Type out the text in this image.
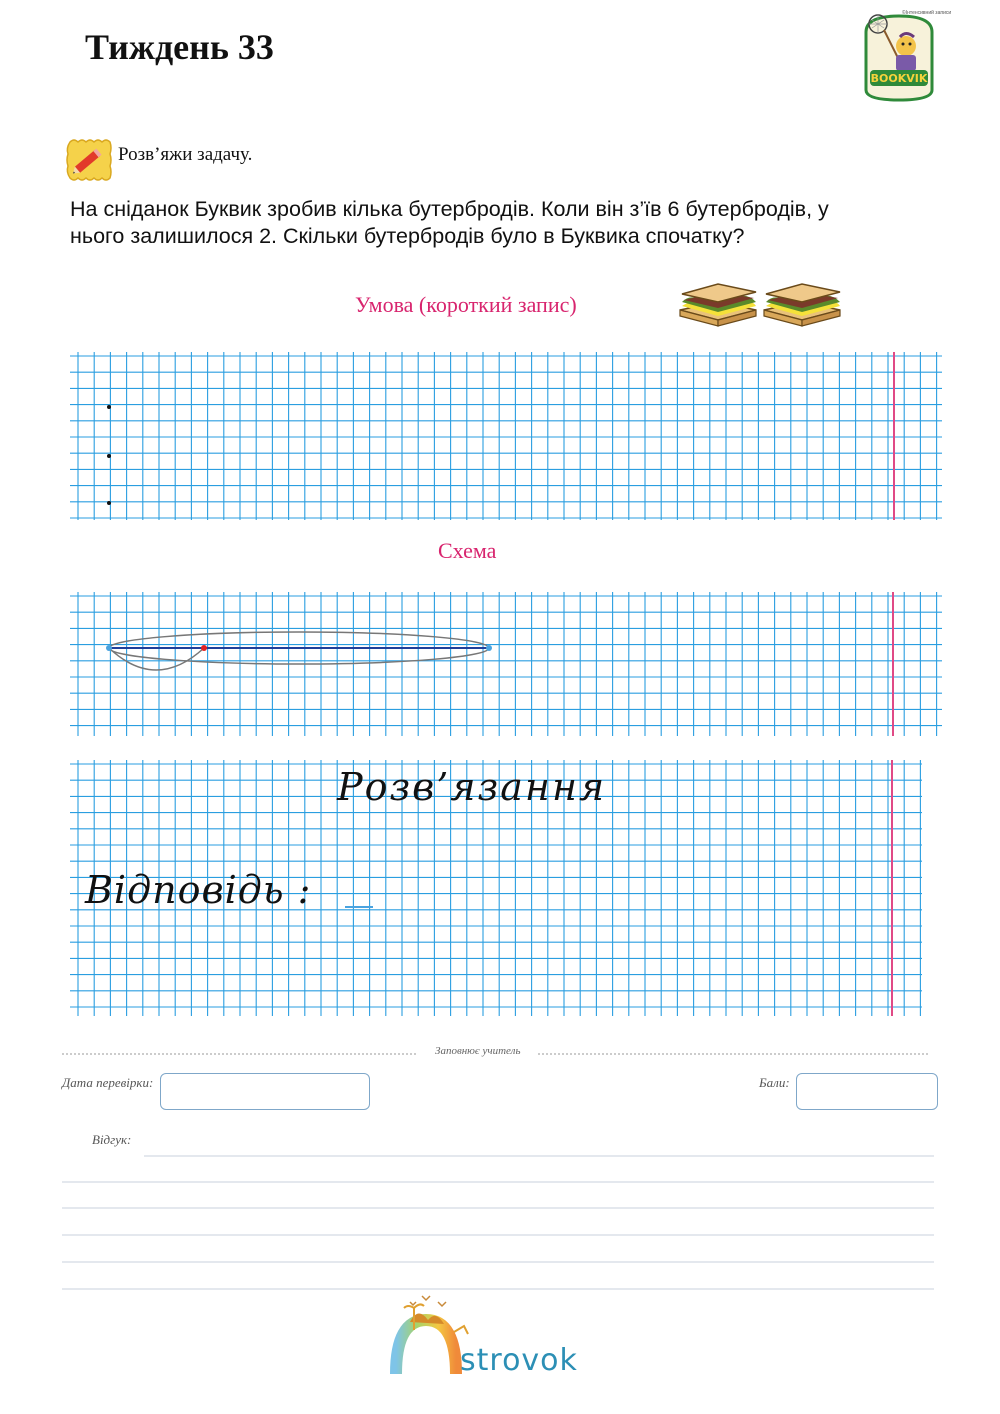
Тиждень 33
BOOKVIK
©Інтенсивний записи
Розв’яжи задачу.
На сніданок Буквик зробив кілька бутербродів. Коли він з’їв 6 бутербродів, у нього залишилося 2. Скільки бутербродів було в Буквика спочатку?
Умова (короткий запис)
Схема
Розв’язання
Відповідь :
Заповнює учитель
Дата перевірки:	Бали:
Відгук:
strovok
